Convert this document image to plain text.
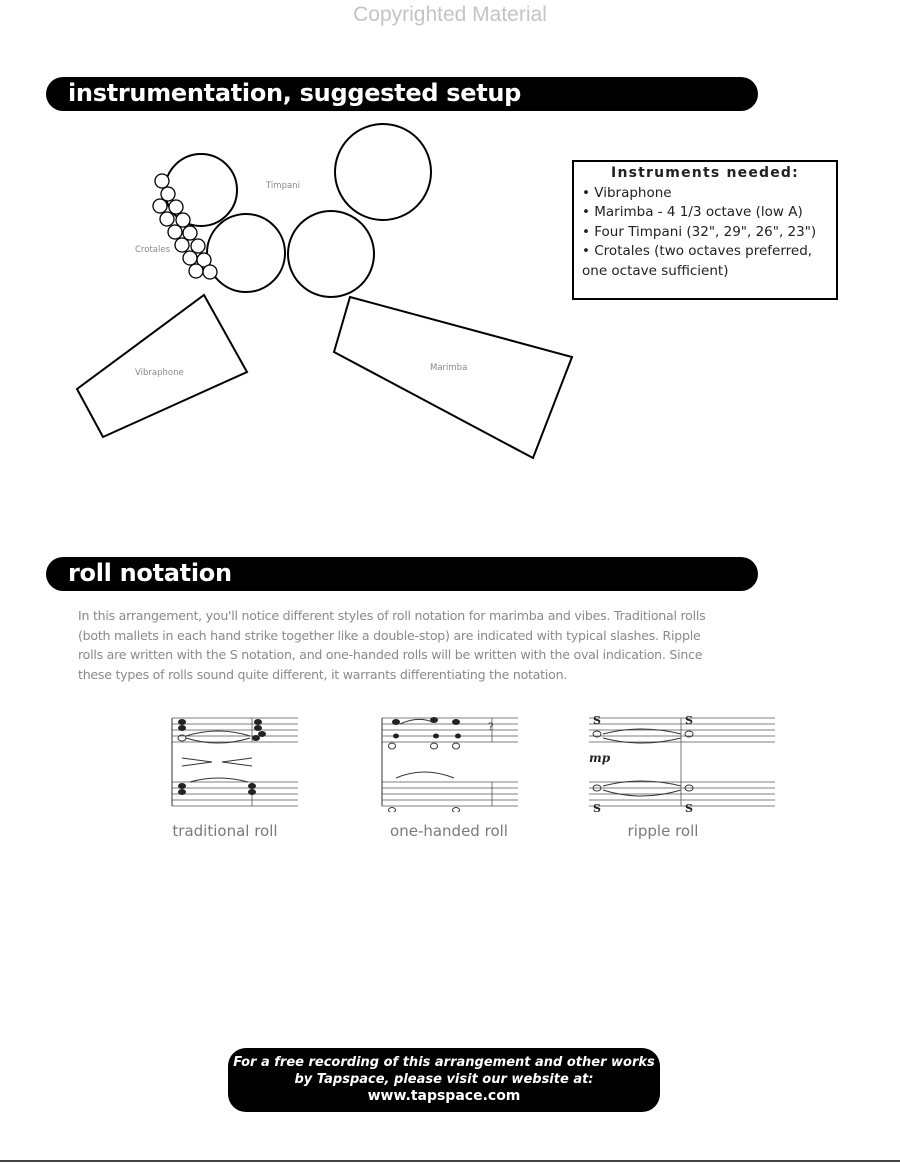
Copyrighted Material
instrumentation, suggested setup
Timpani
Crotales
Vibraphone	Marimba
Instruments needed:
• Vibraphone
• Marimba - 4 1/3 octave (low A)
• Four Timpani (32", 29", 26", 23")
• Crotales (two octaves preferred,
one octave sufficient)
roll notation

In this arrangement, you'll notice different styles of roll notation for marimba and vibes. Traditional rolls

(both mallets in each hand strike together like a double-stop) are indicated with typical slashes. Ripple

rolls are written with the S notation, and one-handed rolls will be written with the oval indication. Since

these types of rolls sound quite different, it warrants differentiating the notation.

?
S	S
S	S
mp
traditional roll	one-handed roll	ripple roll
For a free recording of this arrangement and other works
by Tapspace, please visit our website at:
www.tapspace.com
